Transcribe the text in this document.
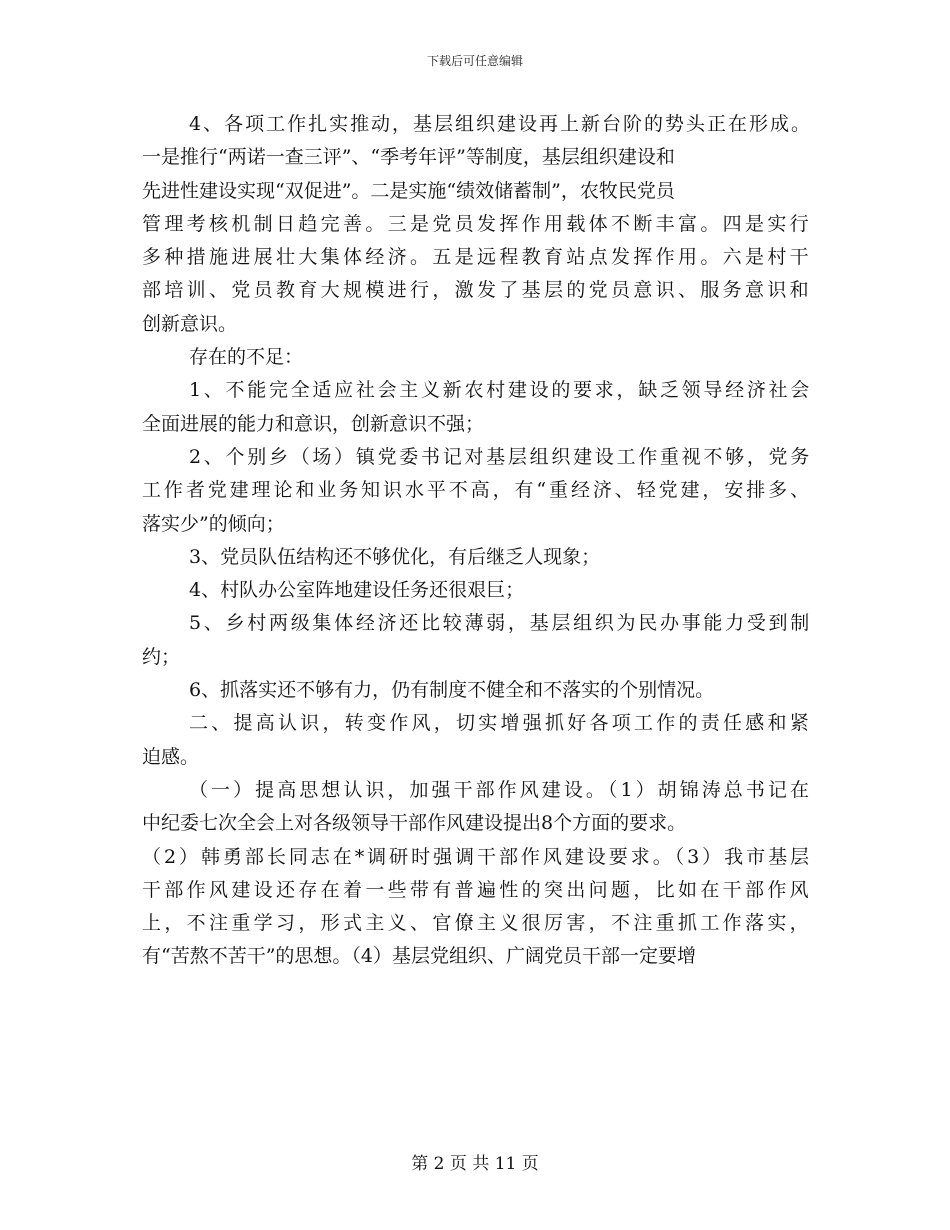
下载后可任意编辑
4、各项工作扎实推动，基层组织建设再上新台阶的势头正在形成。
一是推行“两诺一查三评”、“季考年评”等制度，基层组织建设和
先进性建设实现“双促进”。二是实施“绩效储蓄制”，农牧民党员
管理考核机制日趋完善。三是党员发挥作用载体不断丰富。四是实行
多种措施进展壮大集体经济。五是远程教育站点发挥作用。六是村干
部培训、党员教育大规模进行，激发了基层的党员意识、服务意识和
创新意识。
存在的不足：
1、不能完全适应社会主义新农村建设的要求，缺乏领导经济社会
全面进展的能力和意识，创新意识不强；
2、个别乡（场）镇党委书记对基层组织建设工作重视不够，党务
工作者党建理论和业务知识水平不高，有“重经济、轻党建，安排多、
落实少”的倾向；
3、党员队伍结构还不够优化，有后继乏人现象；
4、村队办公室阵地建设任务还很艰巨；
5、乡村两级集体经济还比较薄弱，基层组织为民办事能力受到制
约；
6、抓落实还不够有力，仍有制度不健全和不落实的个别情况。
二、提高认识，转变作风，切实增强抓好各项工作的责任感和紧
迫感。
（一）提高思想认识，加强干部作风建设。（1）胡锦涛总书记在
中纪委七次全会上对各级领导干部作风建设提出8个方面的要求。
（2）韩勇部长同志在*调研时强调干部作风建设要求。（3）我市基层
干部作风建设还存在着一些带有普遍性的突出问题，比如在干部作风
上，不注重学习，形式主义、官僚主义很厉害，不注重抓工作落实，
有“苦熬不苦干”的思想。（4）基层党组织、广阔党员干部一定要增
第 2 页 共 11 页
